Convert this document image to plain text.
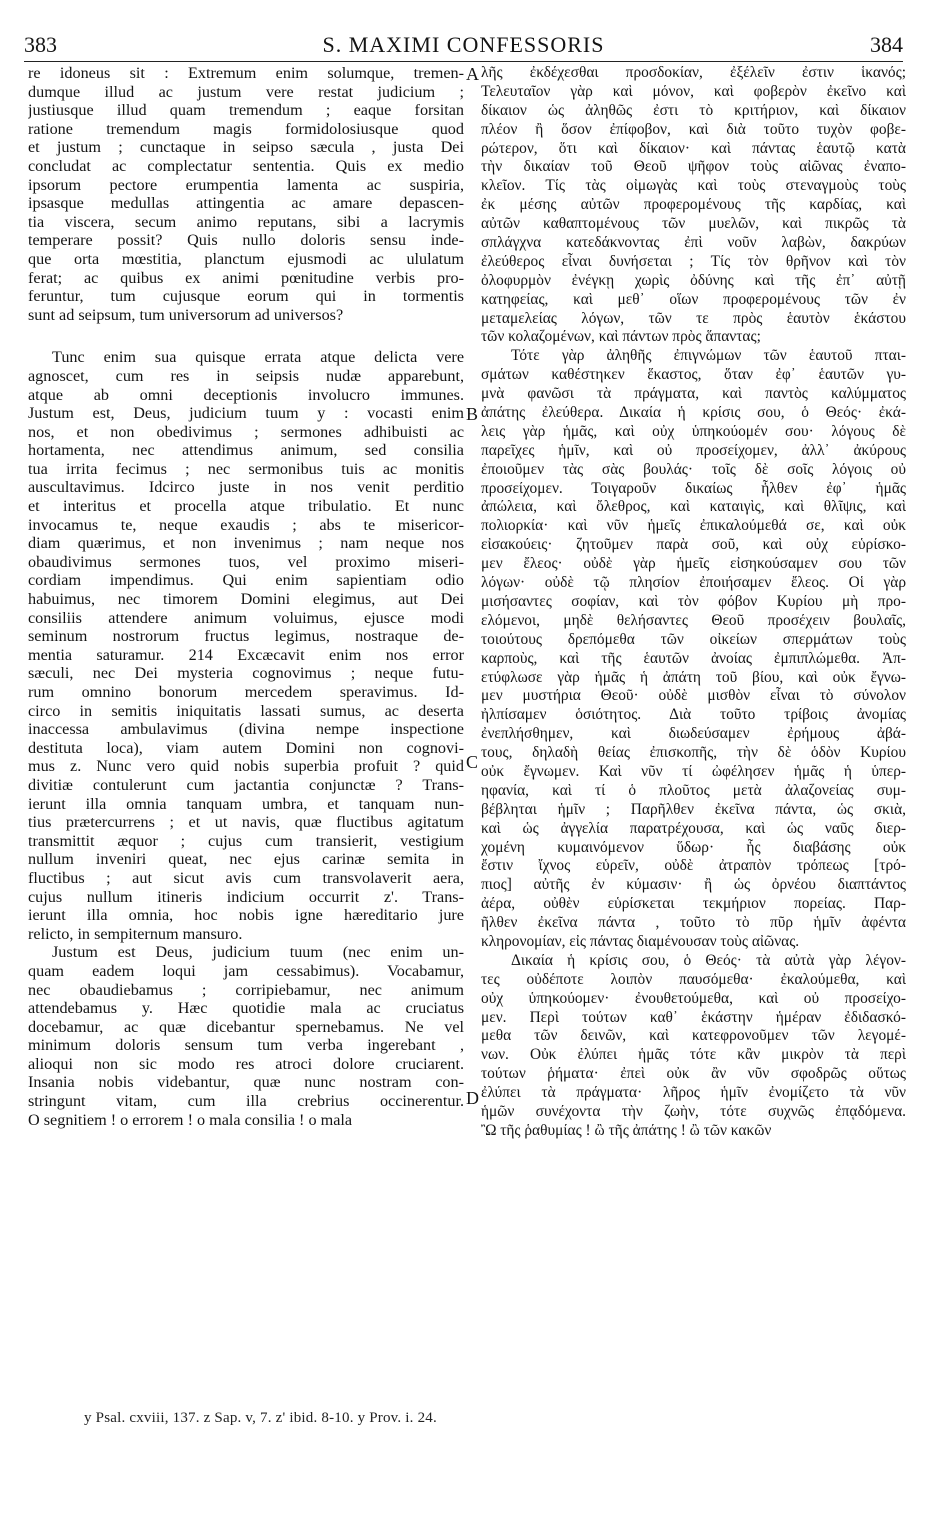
383	S. MAXIMI CONFESSORIS	384
re idoneus sit : Extremum enim solumque, tremen-
dumque illud ac justum vere restat judicium ;
justiusque illud quam tremendum ; eaque forsitan
ratione tremendum magis formidolosiusque quod
et justum ; cunctaque in seipso sæcula , justa Dei
concludat ac complectatur sententia. Quis ex medio
ipsorum pectore erumpentia lamenta ac suspiria,
ipsasque medullas attingentia ac amare depascen-
tia viscera, secum animo reputans, sibi a lacrymis
temperare possit? Quis nullo doloris sensu inde-
que orta mœstitia, planctum ejusmodi ac ululatum
ferat; ac quibus ex animi pœnitudine verbis pro-
feruntur, tum cujusque eorum qui in tormentis
sunt ad seipsum, tum universorum ad universos?
Tunc enim sua quisque errata atque delicta vere
agnoscet, cum res in seipsis nudæ apparebunt,
atque ab omni deceptionis involucro immunes.
Justum est, Deus, judicium tuum y : vocasti enim
nos, et non obedivimus ; sermones adhibuisti ac
hortamenta, nec attendimus animum, sed consilia
tua irrita fecimus ; nec sermonibus tuis ac monitis
auscultavimus. Idcirco juste in nos venit perditio
et interitus et procella atque tribulatio. Et nunc
invocamus te, neque exaudis ; abs te misericor-
diam quærimus, et non invenimus ; nam neque nos
obaudivimus sermones tuos, vel proximo miseri-
cordiam impendimus. Qui enim sapientiam odio
habuimus, nec timorem Domini elegimus, aut Dei
consiliis attendere animum voluimus, ejusce modi
seminum nostrorum fructus legimus, nostraque de-
mentia saturamur. 214 Excæcavit enim nos error
sæculi, nec Dei mysteria cognovimus ; neque futu-
rum omnino bonorum mercedem speravimus. Id-
circo in semitis iniquitatis lassati sumus, ac deserta
inaccessa ambulavimus (divina nempe inspectione
destituta loca), viam autem Domini non cognovi-
mus z. Nunc vero quid nobis superbia profuit ? quid
divitiæ contulerunt cum jactantia conjunctæ ? Trans-
ierunt illa omnia tanquam umbra, et tanquam nun-
tius prætercurrens ; et ut navis, quæ fluctibus agitatum
transmittit æquor ; cujus cum transierit, vestigium
nullum inveniri queat, nec ejus carinæ semita in
fluctibus ; aut sicut avis cum transvolaverit aera,
cujus nullum itineris indicium occurrit z'. Trans-
ierunt illa omnia, hoc nobis igne hæreditario jure
relicto, in sempiternum mansuro.
Justum est Deus, judicium tuum (nec enim un-
quam eadem loqui jam cessabimus). Vocabamur,
nec obaudiebamus ; corripiebamur, nec animum
attendebamus y. Hæc quotidie mala ac cruciatus
docebamur, ac quæ dicebantur spernebamus. Ne vel
minimum doloris sensum tum verba ingerebant ,
alioqui non sic modo res atroci dolore cruciarent.
Insania nobis videbantur, quæ nunc nostram con-
stringunt vitam, cum illa crebrius occinerentur.
O segnitiem ! o errorem ! o mala consilia ! o mala
λῆς ἐκδέχεσθαι προσδοκίαν, ἐξέλεῖν ἐστιν ἱκανός;
Τελευταῖον γὰρ καὶ μόνον, καὶ φοβερὸν ἐκεῖνο καὶ
δίκαιον ὡς ἀληθῶς ἐστι τὸ κριτήριον, καὶ δίκαιον
πλέον ἢ ὅσον ἐπίφοβον, καὶ διὰ τοῦτο τυχὸν φοβε-
ρώτερον, ὅτι καὶ δίκαιον· καὶ πάντας ἑαυτῷ κατὰ
τὴν δικαίαν τοῦ Θεοῦ ψῆφον τοὺς αἰῶνας ἐναπο-
κλεῖον. Τίς τὰς οἰμωγὰς καὶ τοὺς στεναγμοὺς τοὺς
ἐκ μέσης αὐτῶν προφερομένους τῆς καρδίας, καὶ
αὐτῶν καθαπτομένους τῶν μυελῶν, καὶ πικρῶς τὰ
σπλάγχνα κατεδάκνοντας ἐπὶ νοῦν λαβὼν, δακρύων
ἐλεύθερος εἶναι δυνήσεται ; Τίς τὸν θρῆνον καὶ τὸν
ὀλοφυρμὸν ἐνέγκῃ χωρὶς ὀδύνης καὶ τῆς ἐπ᾽ αὐτῇ
κατηφείας, καὶ μεθ᾽ οἵων προφερομένους τῶν ἐν
μεταμελείας λόγων, τῶν τε πρὸς ἑαυτὸν ἑκάστου
τῶν κολαζομένων, καὶ πάντων πρὸς ἅπαντας;
Τότε γὰρ ἀληθῆς ἐπιγνώμων τῶν ἑαυτοῦ πται-
σμάτων καθέστηκεν ἕκαστος, ὅταν ἐφ᾽ ἑαυτῶν γυ-
μνὰ φανῶσι τὰ πράγματα, καὶ παντὸς καλύμματος
ἀπάτης ἐλεύθερα. Δικαία ἡ κρίσις σου, ὁ Θεός· ἐκά-
λεις γὰρ ἡμᾶς, καὶ οὐχ ὑπηκούομέν σου· λόγους δὲ
παρεῖχες ἡμῖν, καὶ οὐ προσείχομεν, ἀλλ᾽ ἀκύρους
ἐποιοῦμεν τὰς σὰς βουλάς· τοῖς δὲ σοῖς λόγοις οὐ
προσείχομεν. Τοιγαροῦν δικαίως ἦλθεν ἐφ᾽ ἡμᾶς
ἀπώλεια, καὶ ὄλεθρος, καὶ καταιγὶς, καὶ θλῖψις, καὶ
πολιορκία· καὶ νῦν ἡμεῖς ἐπικαλούμεθά σε, καὶ οὐκ
εἰσακούεις· ζητοῦμεν παρὰ σοῦ, καὶ οὐχ εὑρίσκο-
μεν ἔλεος· οὐδὲ γὰρ ἡμεῖς εἰσηκούσαμεν σου τῶν
λόγων· οὐδὲ τῷ πλησίον ἐποιήσαμεν ἔλεος. Οἱ γὰρ
μισήσαντες σοφίαν, καὶ τὸν φόβον Κυρίου μὴ προ-
ελόμενοι, μηδὲ θελήσαντες Θεοῦ προσέχειν βουλαῖς,
τοιούτους δρεπόμεθα τῶν οἰκείων σπερμάτων τοὺς
καρποὺς, καὶ τῆς ἑαυτῶν ἀνοίας ἐμπιπλώμεθα. Ἀπ-
ετύφλωσε γὰρ ἡμᾶς ἡ ἀπάτη τοῦ βίου, καὶ οὐκ ἔγνω-
μεν μυστήρια Θεοῦ· οὐδὲ μισθὸν εἶναι τὸ σύνολον
ἠλπίσαμεν ὁσιότητος. Διὰ τοῦτο τρίβοις ἀνομίας
ἐνεπλήσθημεν, καὶ διωδεύσαμεν ἐρήμους ἀβά-
τους, δηλαδὴ θείας ἐπισκοπῆς, τὴν δὲ ὁδὸν Κυρίου
οὐκ ἔγνωμεν. Καὶ νῦν τί ὠφέλησεν ἡμᾶς ἡ ὑπερ-
ηφανία, καὶ τί ὁ πλοῦτος μετὰ ἀλαζονείας συμ-
βέβληται ἡμῖν ; Παρῆλθεν ἐκεῖνα πάντα, ὡς σκιὰ,
καὶ ὡς ἀγγελία παρατρέχουσα, καὶ ὡς ναῦς διερ-
χομένη κυμαινόμενον ὕδωρ· ἧς διαβάσης οὐκ
ἔστιν ἴχνος εὑρεῖν, οὐδὲ ἀτραπὸν τρόπεως [τρό-
πιος] αὐτῆς ἐν κύμασιν· ἢ ὡς ὀρνέου διαπτάντος
ἀέρα, οὐθὲν εὑρίσκεται τεκμήριον πορείας. Παρ-
ῆλθεν ἐκεῖνα πάντα , τοῦτο τὸ πῦρ ἡμῖν ἀφέντα
κληρονομίαν, εἰς πάντας διαμένουσαν τοὺς αἰῶνας.
Δικαία ἡ κρίσις σου, ὁ Θεός· τὰ αὐτὰ γὰρ λέγον-
τες οὐδέποτε λοιπὸν παυσόμεθα· ἐκαλούμεθα, καὶ
οὐχ ὑπηκούομεν· ἐνουθετούμεθα, καὶ οὐ προσείχο-
μεν. Περὶ τούτων καθ᾽ ἑκάστην ἡμέραν ἐδιδασκό-
μεθα τῶν δεινῶν, καὶ κατεφρονοῦμεν τῶν λεγομέ-
νων. Οὐκ ἐλύπει ἡμᾶς τότε κἂν μικρὸν τὰ περὶ
τούτων ῥήματα· ἐπεὶ οὐκ ἂν νῦν σφοδρῶς οὕτως
ἐλύπει τὰ πράγματα· λῆρος ἡμῖν ἐνομίζετο τὰ νῦν
ἡμῶν συνέχοντα τὴν ζωὴν, τότε συχνῶς ἐπᾳδόμενα.
Ὢ τῆς ῥαθυμίας ! ὢ τῆς ἀπάτης ! ὢ τῶν κακῶν
A
B
C
D
y Psal. cxviii, 137. z Sap. v, 7. z' ibid. 8-10. y Prov. i. 24.
